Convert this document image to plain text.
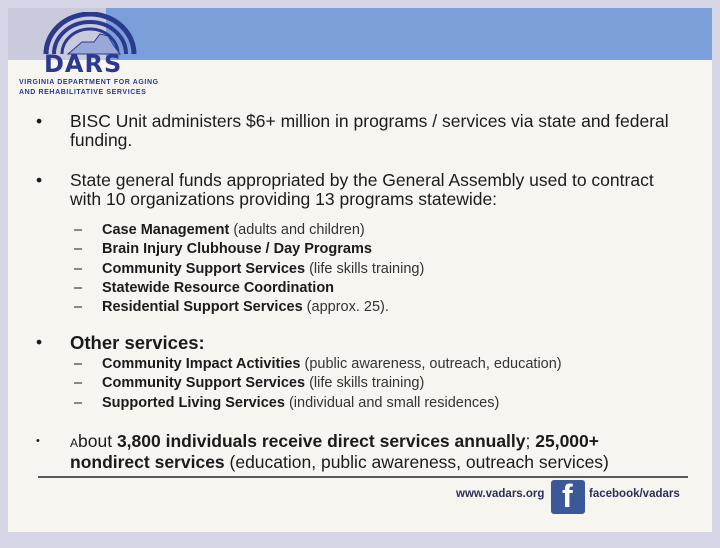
DARS
VIRGINIA DEPARTMENT FOR AGING
AND REHABILITATIVE SERVICES
• BISC Unit administers $6+ million in programs / services via state and federal funding.
• State general funds appropriated by the General Assembly used to contract with 10 organizations providing 13 programs statewide:
– Case Management (adults and children)
– Brain Injury Clubhouse / Day Programs
– Community Support Services (life skills training)
– Statewide Resource Coordination
– Residential Support Services (approx. 25).
• Other services:
– Community Impact Activities (public awareness, outreach, education)
– Community Support Services (life skills training)
– Supported Living Services (individual and small residences)
•	About 3,800 individuals receive direct services annually; 25,000+ nondirect services (education, public awareness, outreach services)
www.vadars.org f facebook/vadars
